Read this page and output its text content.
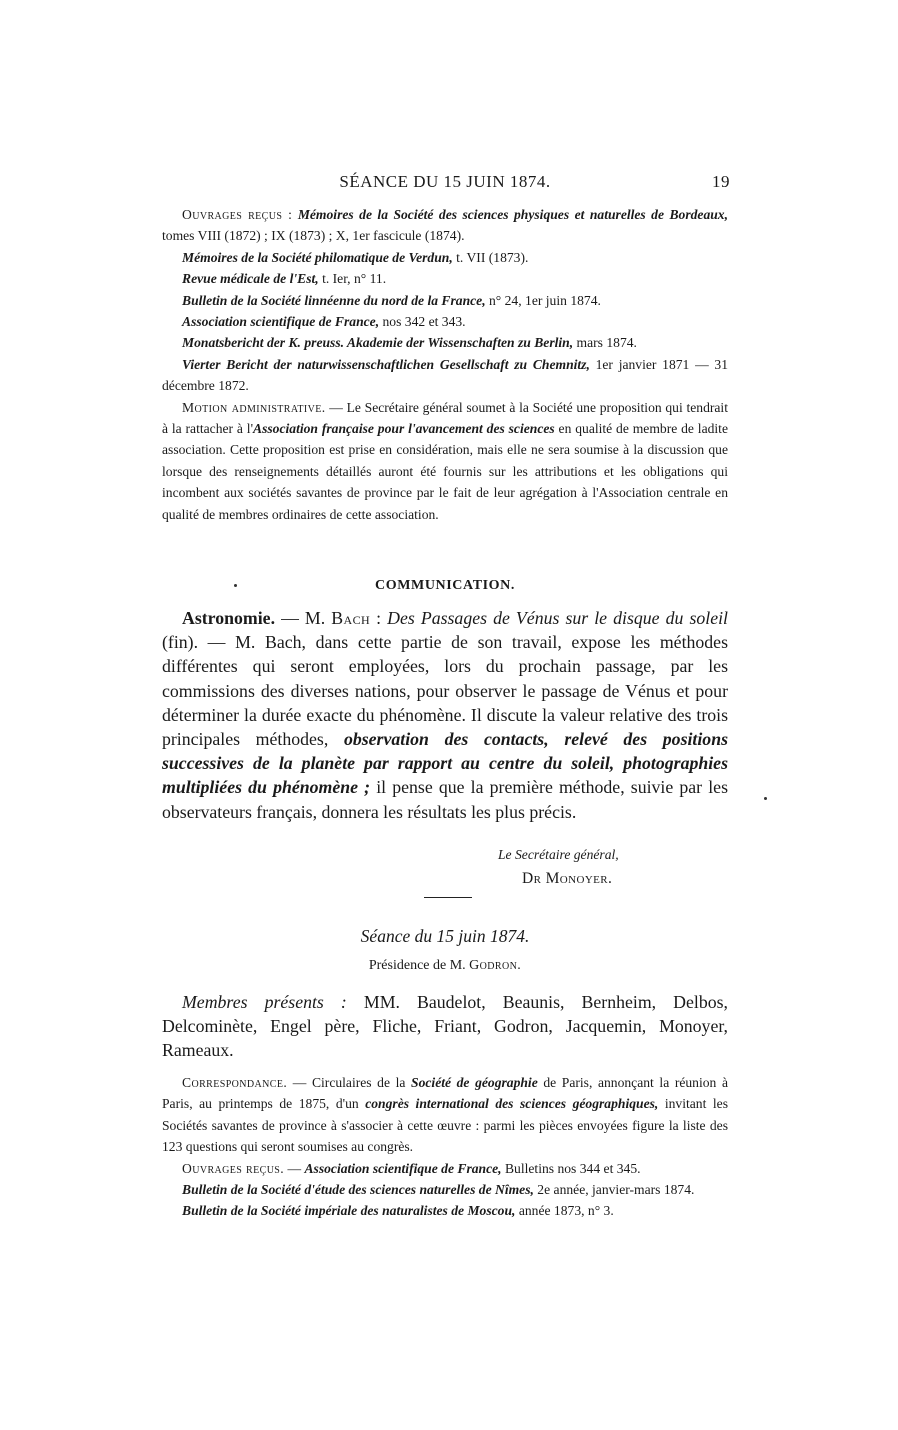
SÉANCE DU 15 JUIN 1874.	19

Ouvrages reçus : Mémoires de la Société des sciences physiques et naturelles de Bordeaux, tomes VIII (1872) ; IX (1873) ; X, 1er fascicule (1874).

Mémoires de la Société philomatique de Verdun, t. VII (1873).

Revue médicale de l'Est, t. Ier, n° 11.

Bulletin de la Société linnéenne du nord de la France, n° 24, 1er juin 1874.

Association scientifique de France, nos 342 et 343.

Monatsbericht der K. preuss. Akademie der Wissenschaften zu Berlin, mars 1874.

Vierter Bericht der naturwissenschaftlichen Gesellschaft zu Chemnitz, 1er janvier 1871 — 31 décembre 1872.

Motion administrative. — Le Secrétaire général soumet à la Société une proposition qui tendrait à la rattacher à l'Association française pour l'avancement des sciences en qualité de membre de ladite association. Cette proposition est prise en considération, mais elle ne sera soumise à la discussion que lorsque des renseignements détaillés auront été fournis sur les attributions et les obligations qui incombent aux sociétés savantes de province par le fait de leur agrégation à l'Association centrale en qualité de membres ordinaires de cette association.

COMMUNICATION.

Astronomie. — M. Bach : Des Passages de Vénus sur le disque du soleil (fin). — M. Bach, dans cette partie de son travail, expose les méthodes différentes qui seront employées, lors du prochain passage, par les commissions des diverses nations, pour observer le passage de Vénus et pour déterminer la durée exacte du phénomène. Il discute la valeur relative des trois principales méthodes, observation des contacts, relevé des positions successives de la planète par rapport au centre du soleil, photographies multipliées du phénomène ; il pense que la première méthode, suivie par les observateurs français, donnera les résultats les plus précis.

Le Secrétaire général,
Dr Monoyer.
Séance du 15 juin 1874.
Présidence de M. Godron.

Membres présents : MM. Baudelot, Beaunis, Bernheim, Delbos, Delcominète, Engel père, Fliche, Friant, Godron, Jacquemin, Monoyer, Rameaux.

Correspondance. — Circulaires de la Société de géographie de Paris, annonçant la réunion à Paris, au printemps de 1875, d'un congrès international des sciences géographiques, invitant les Sociétés savantes de province à s'associer à cette œuvre : parmi les pièces envoyées figure la liste des 123 questions qui seront soumises au congrès.

Ouvrages reçus. — Association scientifique de France, Bulletins nos 344 et 345.

Bulletin de la Société d'étude des sciences naturelles de Nîmes, 2e année, janvier-mars 1874.

Bulletin de la Société impériale des naturalistes de Moscou, année 1873, n° 3.
